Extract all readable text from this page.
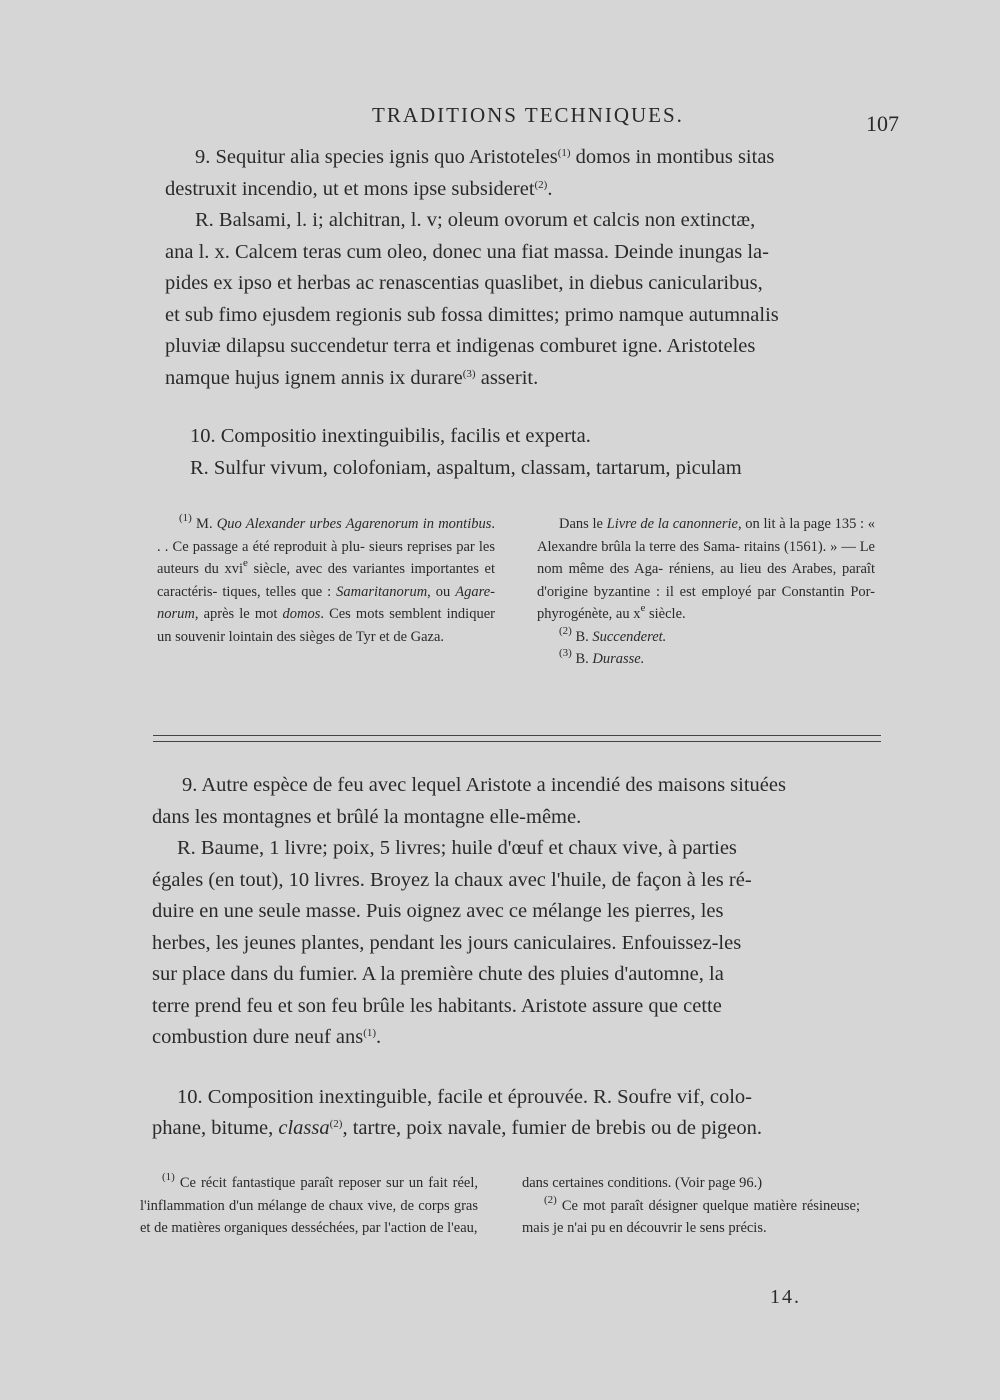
TRADITIONS TECHNIQUES.	107

9. Sequitur alia species ignis quo Aristoteles$^{(1)}$ domos in montibus sitas

destruxit incendio, ut et mons ipse subsideret$^{(2)}$.

R. Balsami, l. i; alchitran, l. v; oleum ovorum et calcis non extinctæ,
ana l. x. Calcem teras cum oleo, donec una fiat massa. Deinde inungas la-
pides ex ipso et herbas ac renascentias quaslibet, in diebus canicularibus,
et sub fimo ejusdem regionis sub fossa dimittes; primo namque autumnalis
pluviæ dilapsu succendetur terra et indigenas comburet igne. Aristoteles
namque hujus ignem annis ix durare$^{(3)}$ asserit.

10. Compositio inextinguibilis, facilis et experta.
R. Sulfur vivum, colofoniam, aspaltum, classam, tartarum, piculam

$^{(1)}$ M. Quo Alexander urbes Agarenorum in montibus. . . Ce passage a été reproduit à plu- sieurs reprises par les auteurs du xvi$^e$ siècle, avec des variantes importantes et caractéris- tiques, telles que : Samaritanorum, ou Agare- norum, après le mot domos. Ces mots semblent indiquer un souvenir lointain des sièges de Tyr et de Gaza.

Dans le Livre de la canonnerie, on lit à la page 135 : « Alexandre brûla la terre des Sama- ritains (1561). » — Le nom même des Aga- réniens, au lieu des Arabes, paraît d'origine byzantine : il est employé par Constantin Por- phyrogénète, au $x^e$ siècle.

$^{(2)}$ B. Succenderet.

$^{(3)}$ B. Durasse.

9. Autre espèce de feu avec lequel Aristote a incendié des maisons situées
dans les montagnes et brûlé la montagne elle-même.

R. Baume, 1 livre; poix, 5 livres; huile d'œuf et chaux vive, à parties
égales (en tout), 10 livres. Broyez la chaux avec l'huile, de façon à les ré-
duire en une seule masse. Puis oignez avec ce mélange les pierres, les
herbes, les jeunes plantes, pendant les jours caniculaires. Enfouissez-les
sur place dans du fumier. A la première chute des pluies d'automne, la
terre prend feu et son feu brûle les habitants. Aristote assure que cette
combustion dure neuf ans$^{(1)}$.

10. Composition inextinguible, facile et éprouvée. R. Soufre vif, colo-
phane, bitume, classa$^{(2)}$, tartre, poix navale, fumier de brebis ou de pigeon.

$^{(1)}$ Ce récit fantastique paraît reposer sur un fait réel, l'inflammation d'un mélange de chaux vive, de corps gras et de matières organiques desséchées, par l'action de l'eau,

dans certaines conditions. (Voir page 96.)

$^{(2)}$ Ce mot paraît désigner quelque matière résineuse; mais je n'ai pu en découvrir le sens précis.

14.
